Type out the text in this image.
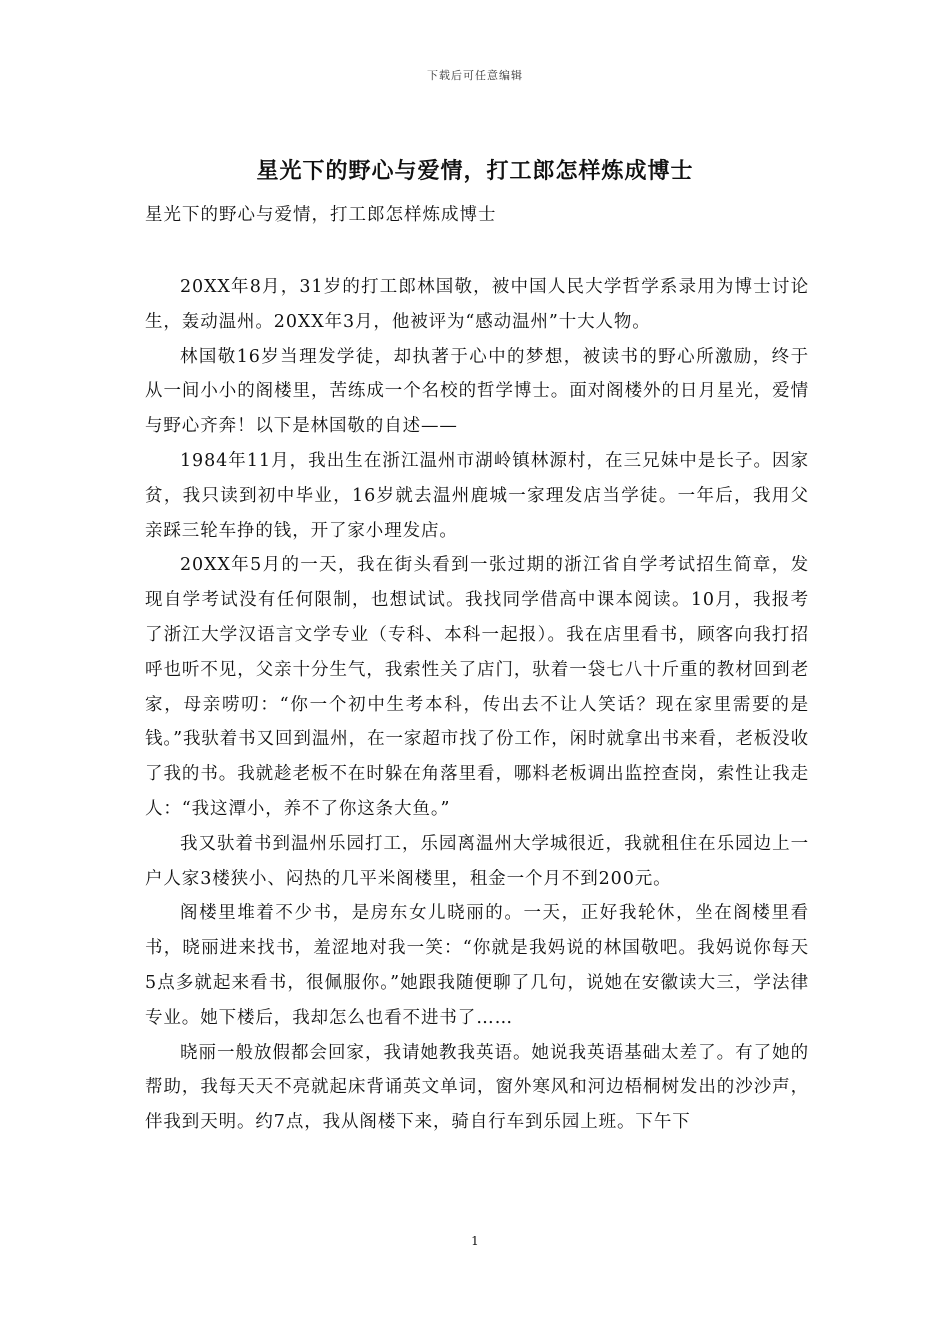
下载后可任意编辑
星光下的野心与爱情，打工郎怎样炼成博士
星光下的野心与爱情，打工郎怎样炼成博士

20XX年8月，31岁的打工郎林国敬，被中国人民大学哲学系录用为博士讨论生，轰动温州。20XX年3月，他被评为“感动温州”十大人物。

林国敬16岁当理发学徒，却执著于心中的梦想，被读书的野心所激励，终于从一间小小的阁楼里，苦练成一个名校的哲学博士。面对阁楼外的日月星光，爱情与野心齐奔！以下是林国敬的自述——

1984年11月，我出生在浙江温州市湖岭镇林源村，在三兄妹中是长子。因家贫，我只读到初中毕业，16岁就去温州鹿城一家理发店当学徒。一年后，我用父亲踩三轮车挣的钱，开了家小理发店。

20XX年5月的一天，我在街头看到一张过期的浙江省自学考试招生简章，发现自学考试没有任何限制，也想试试。我找同学借高中课本阅读。10月，我报考了浙江大学汉语言文学专业（专科、本科一起报）。我在店里看书，顾客向我打招呼也听不见，父亲十分生气，我索性关了店门，驮着一袋七八十斤重的教材回到老家，母亲唠叨：“你一个初中生考本科，传出去不让人笑话？现在家里需要的是钱。”我驮着书又回到温州，在一家超市找了份工作，闲时就拿出书来看，老板没收了我的书。我就趁老板不在时躲在角落里看，哪料老板调出监控查岗，索性让我走人：“我这潭小，养不了你这条大鱼。”

我又驮着书到温州乐园打工，乐园离温州大学城很近，我就租住在乐园边上一户人家3楼狭小、闷热的几平米阁楼里，租金一个月不到200元。

阁楼里堆着不少书，是房东女儿晓丽的。一天，正好我轮休，坐在阁楼里看书，晓丽进来找书，羞涩地对我一笑：“你就是我妈说的林国敬吧。我妈说你每天5点多就起来看书，很佩服你。”她跟我随便聊了几句，说她在安徽读大三，学法律专业。她下楼后，我却怎么也看不进书了……

晓丽一般放假都会回家，我请她教我英语。她说我英语基础太差了。有了她的帮助，我每天天不亮就起床背诵英文单词，窗外寒风和河边梧桐树发出的沙沙声，伴我到天明。约7点，我从阁楼下来，骑自行车到乐园上班。下午下

1
